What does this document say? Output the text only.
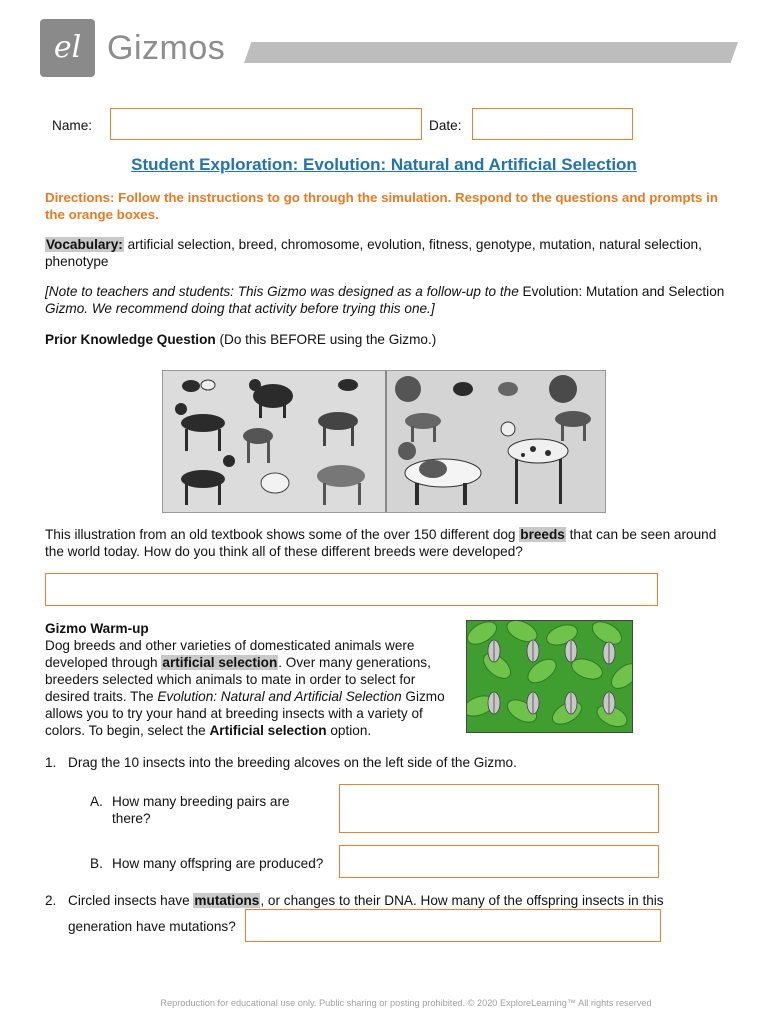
el Gizmos
Name:	Date:
Student Exploration: Evolution: Natural and Artificial Selection
Directions: Follow the instructions to go through the simulation. Respond to the questions and prompts in the orange boxes.
Vocabulary: artificial selection, breed, chromosome, evolution, fitness, genotype, mutation, natural selection, phenotype
[Note to teachers and students: This Gizmo was designed as a follow-up to the Evolution: Mutation and Selection Gizmo. We recommend doing that activity before trying this one.]
Prior Knowledge Question (Do this BEFORE using the Gizmo.)
This illustration from an old textbook shows some of the over 150 different dog breeds that can be seen around the world today. How do you think all of these different breeds were developed?
Gizmo Warm-up
Dog breeds and other varieties of domesticated animals were developed through artificial selection. Over many generations, breeders selected which animals to mate in order to select for desired traits. The Evolution: Natural and Artificial Selection Gizmo allows you to try your hand at breeding insects with a variety of colors. To begin, select the Artificial selection option.
1. Drag the 10 insects into the breeding alcoves on the left side of the Gizmo.
A. How many breeding pairs are there?
B. How many offspring are produced?
2. Circled insects have mutations, or changes to their DNA. How many of the offspring insects in this
generation have mutations?
Reproduction for educational use only. Public sharing or posting prohibited. © 2020 ExploreLearning™ All rights reserved
